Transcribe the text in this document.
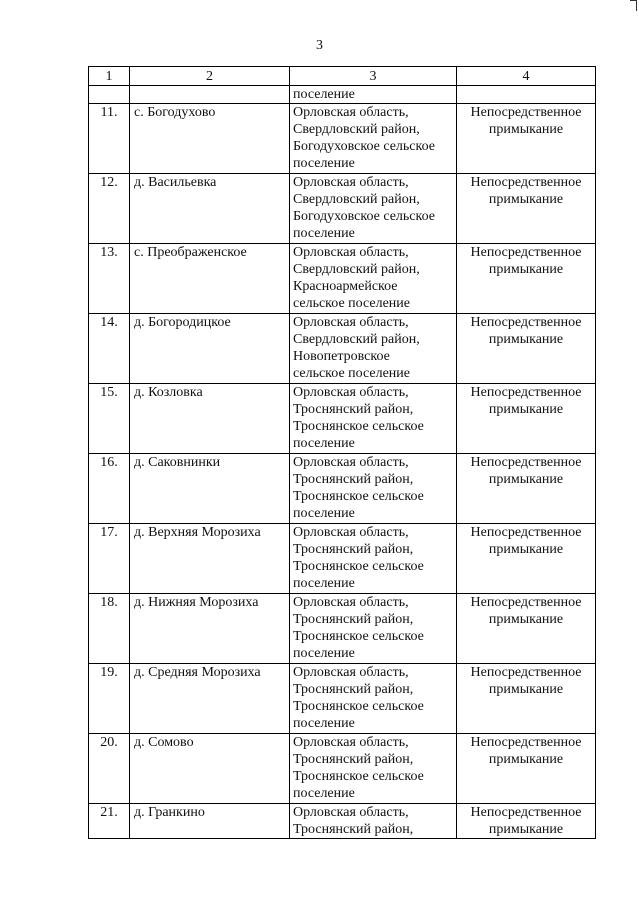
3
1	2	3	4
		поселение	
11.	с. Богодухово	Орловская область,
Свердловский район,
Богодуховское сельское
поселение	Непосредственное
примыкание
12.	д. Васильевка	Орловская область,
Свердловский район,
Богодуховское сельское
поселение	Непосредственное
примыкание
13.	с. Преображенское	Орловская область,
Свердловский район,
Красноармейское
сельское поселение	Непосредственное
примыкание
14.	д. Богородицкое	Орловская область,
Свердловский район,
Новопетровское
сельское поселение	Непосредственное
примыкание
15.	д. Козловка	Орловская область,
Троснянский район,
Троснянское сельское
поселение	Непосредственное
примыкание
16.	д. Саковнинки	Орловская область,
Троснянский район,
Троснянское сельское
поселение	Непосредственное
примыкание
17.	д. Верхняя Морозиха	Орловская область,
Троснянский район,
Троснянское сельское
поселение	Непосредственное
примыкание
18.	д. Нижняя Морозиха	Орловская область,
Троснянский район,
Троснянское сельское
поселение	Непосредственное
примыкание
19.	д. Средняя Морозиха	Орловская область,
Троснянский район,
Троснянское сельское
поселение	Непосредственное
примыкание
20.	д. Сомово	Орловская область,
Троснянский район,
Троснянское сельское
поселение	Непосредственное
примыкание
21.	д. Гранкино	Орловская область,
Троснянский район,	Непосредственное
примыкание
